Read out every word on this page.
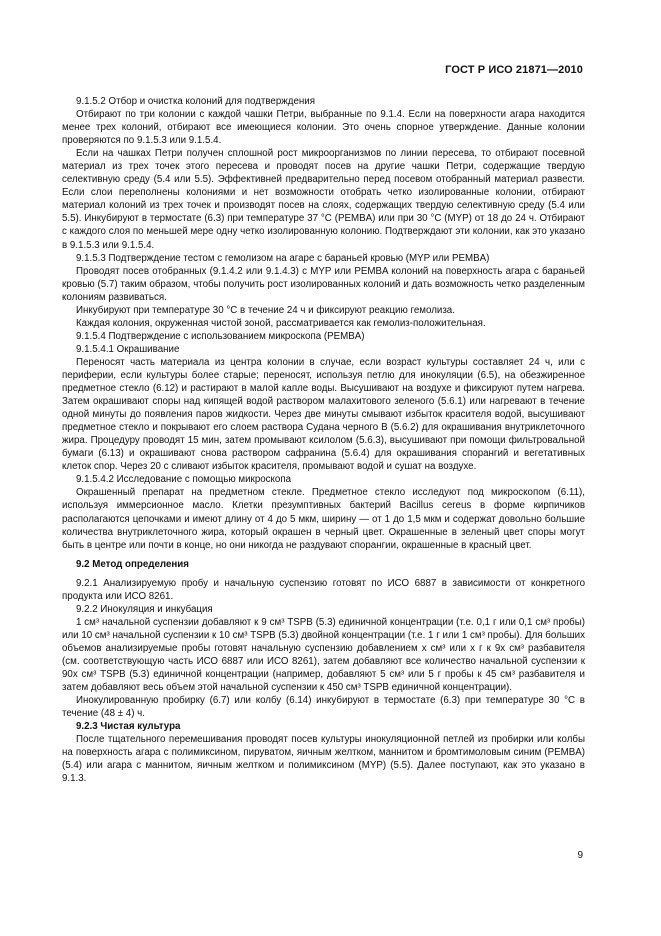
ГОСТ Р ИСО 21871—2010

9.1.5.2 Отбор и очистка колоний для подтверждения

Отбирают по три колонии с каждой чашки Петри, выбранные по 9.1.4. Если на поверхности агара находится менее трех колоний, отбирают все имеющиеся колонии. Это очень спорное утверждение. Данные колонии проверяются по 9.1.5.3 или 9.1.5.4.

Если на чашках Петри получен сплошной рост микроорганизмов по линии пересева, то отбирают посевной материал из трех точек этого пересева и проводят посев на другие чашки Петри, содержащие твердую селективную среду (5.4 или 5.5). Эффективней предварительно перед посевом отобранный материал развести. Если слои переполнены колониями и нет возможности отобрать четко изолированные колонии, отбирают материал колоний из трех точек и производят посев на слоях, содержащих твердую селективную среду (5.4 или 5.5). Инкубируют в термостате (6.3) при температуре 37 °С (PEMBA) или при 30 °С (MYP) от 18 до 24 ч. Отбирают с каждого слоя по меньшей мере одну четко изолированную колонию. Подтверждают эти колонии, как это указано в 9.1.5.3 или 9.1.5.4.

9.1.5.3 Подтверждение тестом с гемолизом на агаре с бараньей кровью (MYP или PEMBA)

Проводят посев отобранных (9.1.4.2 или 9.1.4.3) с MYP или PEMBA колоний на поверхность агара с бараньей кровью (5.7) таким образом, чтобы получить рост изолированных колоний и дать возможность четко разделенным колониям развиваться.

Инкубируют при температуре 30 °С в течение 24 ч и фиксируют реакцию гемолиза.

Каждая колония, окруженная чистой зоной, рассматривается как гемолиз-положительная.

9.1.5.4 Подтверждение с использованием микроскопа (PEMBA)

9.1.5.4.1 Окрашивание

Переносят часть материала из центра колонии в случае, если возраст культуры составляет 24 ч, или с периферии, если культуры более старые; переносят, используя петлю для инокуляции (6.5), на обезжиренное предметное стекло (6.12) и растирают в малой капле воды. Высушивают на воздухе и фиксируют путем нагрева. Затем окрашивают споры над кипящей водой раствором малахитового зеленого (5.6.1) или нагревают в течение одной минуты до появления паров жидкости. Через две минуты смывают избыток красителя водой, высушивают предметное стекло и покрывают его слоем раствора Судана черного В (5.6.2) для окрашивания внутриклеточного жира. Процедуру проводят 15 мин, затем промывают ксилолом (5.6.3), высушивают при помощи фильтровальной бумаги (6.13) и окрашивают снова раствором сафранина (5.6.4) для окрашивания спорангий и вегетативных клеток спор. Через 20 с сливают избыток красителя, промывают водой и сушат на воздухе.

9.1.5.4.2 Исследование с помощью микроскопа

Окрашенный препарат на предметном стекле. Предметное стекло исследуют под микроскопом (6.11), используя иммерсионное масло. Клетки презумптивных бактерий Bacillus cereus в форме кирпичиков располагаются цепочками и имеют длину от 4 до 5 мкм, ширину — от 1 до 1,5 мкм и содержат довольно большие количества внутриклеточного жира, который окрашен в черный цвет. Окрашенные в зеленый цвет споры могут быть в центре или почти в конце, но они никогда не раздувают спорангии, окрашенные в красный цвет.

9.2 Метод определения

9.2.1 Анализируемую пробу и начальную суспензию готовят по ИСО 6887 в зависимости от конкретного продукта или ИСО 8261.

9.2.2 Инокуляция и инкубация

1 см³ начальной суспензии добавляют к 9 см³ TSPB (5.3) единичной концентрации (т.е. 0,1 г или 0,1 см³ пробы) или 10 см³ начальной суспензии к 10 см³ TSPB (5.3) двойной концентрации (т.е. 1 г или 1 см³ пробы). Для больших объемов анализируемые пробы готовят начальную суспензию добавлением x см³ или x г к 9x см³ разбавителя (см. соответствующую часть ИСО 6887 или ИСО 8261), затем добавляют все количество начальной суспензии к 90x см³ TSPB (5.3) единичной концентрации (например, добавляют 5 см³ или 5 г пробы к 45 см³ разбавителя и затем добавляют весь объем этой начальной суспензии к 450 см³ TSPB единичной концентрации).

Инокулированную пробирку (6.7) или колбу (6.14) инкубируют в термостате (6.3) при температуре 30 °С в течение (48 ± 4) ч.

9.2.3 Чистая культура

После тщательного перемешивания проводят посев культуры инокуляционной петлей из пробирки или колбы на поверхность агара с полимиксином, пируватом, яичным желтком, маннитом и бромтимоловым синим (PEMBA) (5.4) или агара с маннитом, яичным желтком и полимиксином (MYP) (5.5). Далее поступают, как это указано в 9.1.3.

9
